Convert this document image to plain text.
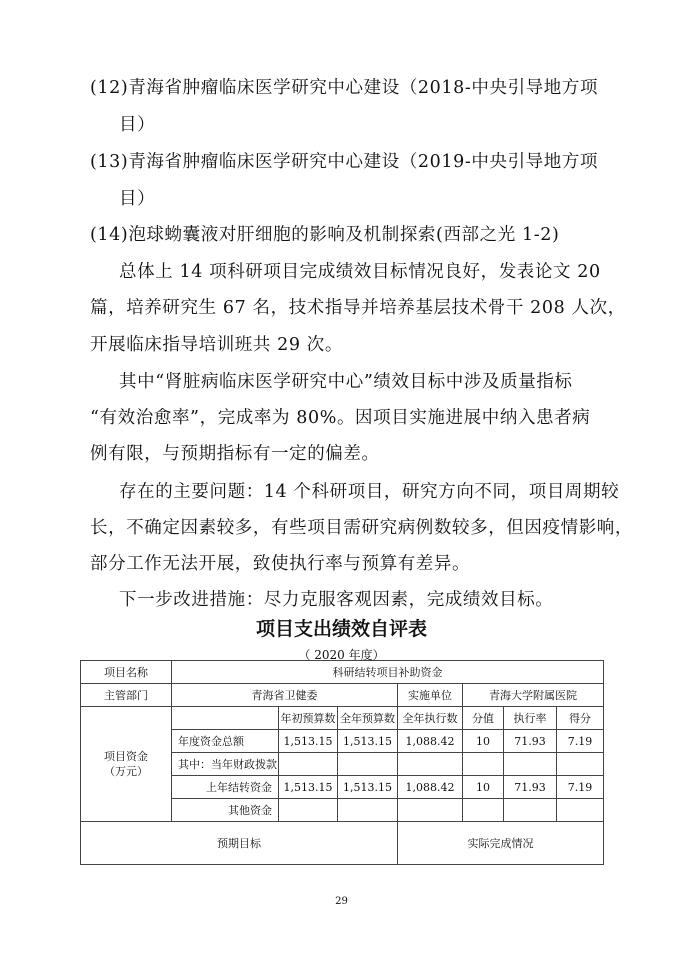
(12)青海省肿瘤临床医学研究中心建设（2018-中央引导地方项
目）
(13)青海省肿瘤临床医学研究中心建设（2019-中央引导地方项
目）
(14)泡球蚴囊液对肝细胞的影响及机制探索(西部之光 1-2)
总体上 14 项科研项目完成绩效目标情况良好，发表论文 20
篇，培养研究生 67 名，技术指导并培养基层技术骨干 208 人次，
开展临床指导培训班共 29 次。
其中“肾脏病临床医学研究中心”绩效目标中涉及质量指标
“有效治愈率”，完成率为 80%。因项目实施进展中纳入患者病
例有限，与预期指标有一定的偏差。
存在的主要问题：14 个科研项目，研究方向不同，项目周期较
长，不确定因素较多，有些项目需研究病例数较多，但因疫情影响，
部分工作无法开展，致使执行率与预算有差异。
下一步改进措施：尽力克服客观因素，完成绩效目标。
项目支出绩效自评表
（ 2020 年度）
项目名称	科研结转项目补助资金						
主管部门	青海省卫健委			实施单位	青海大学附属医院		
项目资金
（万元）		年初预算数	全年预算数	全年执行数	分值	执行率	得分
	年度资金总额	1,513.15	1,513.15	1,088.42	10	71.93	7.19
	其中：当年财政拨款						
	上年结转资金	1,513.15	1,513.15	1,088.42	10	71.93	7.19
	其他资金						
预期目标				实际完成情况			
29
